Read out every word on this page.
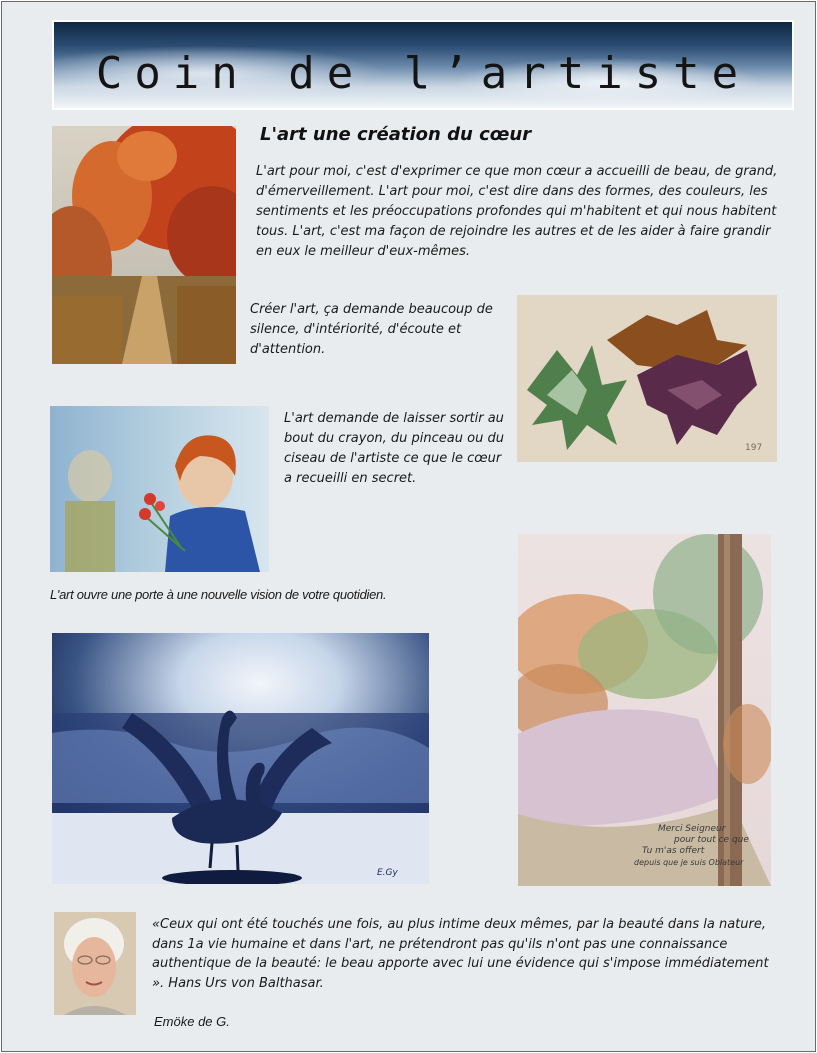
Coin de l’artiste
L'art une création du cœur

L'art pour moi, c'est d'exprimer ce que mon cœur a accueilli de beau, de grand, d'émerveillement. L'art pour moi, c'est dire dans des formes, des couleurs, les sentiments et les préoccupations profondes qui m'habitent et qui nous habitent tous. L'art, c'est ma façon de rejoindre les autres et de les aider à faire grandir en eux le meilleur d'eux-mêmes.

Créer l'art, ça demande beaucoup de silence, d'intériorité, d'écoute et d'attention.

197

L'art demande de laisser sortir au bout du crayon, du pinceau ou du ciseau de l'artiste ce que le cœur a recueilli en secret.

L'art ouvre une porte à une nouvelle vision de votre quotidien.
Merci Seigneur
pour tout ce que
Tu m'as offert
depuis que je suis Oblateur
E.Gy

«Ceux qui ont été touchés une fois, au plus intime deux mêmes, par la beauté dans la nature, dans 1a vie humaine et dans l'art, ne prétendront pas qu'ils n'ont pas une connaissance authentique de la beauté: le beau apporte avec lui une évidence qui s'impose immédiatement ». Hans Urs von Balthasar.

Emöke de G.
